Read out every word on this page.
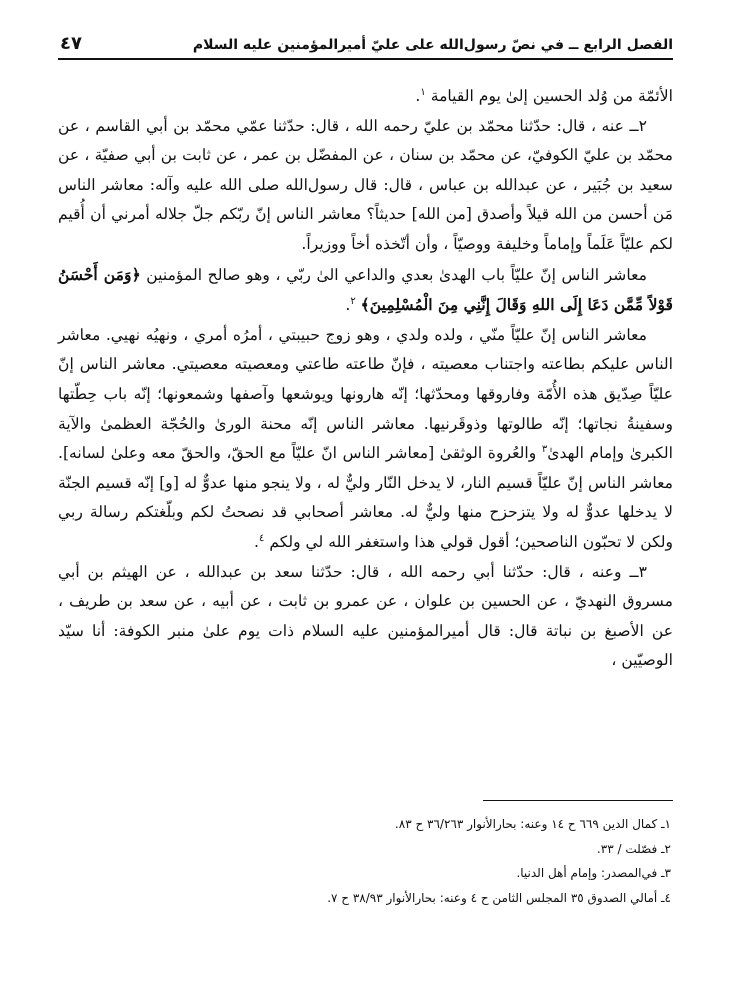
الفصل الرابع ــ في نصّ رسول‌الله على عليّ أميرالمؤمنين عليه السلام
٤٧

الأئمّة من وُلد الحسين إلىٰ يوم القيامة $^١$.

٢ــ عنه ، قال: حدّثنا محمّد بن عليّ رحمه الله ، قال: حدّثنا عمّي محمّد بن أبي القاسم ، عن محمّد بن عليّ الكوفيّ، عن محمّد بن سنان ، عن المفضّل بن عمر ، عن ثابت بن أبي صفيّة ، عن سعيد بن جُبَير ، عن عبدالله بن عباس ، قال: قال رسول‌الله صلى الله عليه وآله: معاشر الناس مَن أحسن من الله قيلاً وأصدق [من الله] حديثاً؟ معاشر الناس إنّ ربّكم جلّ جلاله أمرني أن أُقيم لكم عليّاً عَلَماً وإماماً وخليفة ووصيّاً ، وأن أتّخذه أخاً ووزيراً.

معاشر الناس إنّ عليّاً باب الهدىٰ بعدي والداعي الىٰ ربّي ، وهو صالح المؤمنين ﴿وَمَن أَحْسَنُ قَوْلاً مِّمَّن دَعَا إِلَى اللهِ وَقَالَ إِنَّنِي مِنَ الْمُسْلِمِينَ﴾ $^٢$.

معاشر الناس إنّ عليّاً منّي ، ولده ولدي ، وهو زوج حبيبتي ، أمرُه أمري ، ونهيُه نهيي. معاشر الناس عليكم بطاعته واجتناب معصيته ، فإنّ طاعته طاعتي ومعصيته معصيتي. معاشر الناس إنّ عليّاً صِدّيق هذه الأُمّة وفاروقها ومحدّثها؛ إنّه هارونها ويوشعها وآصفها وشمعونها؛ إنّه باب حِطّتها وسفينةُ نجاتها؛ إنّه طالوتها وذوقَرنيها. معاشر الناس إنّه محنة الورىٰ والحُجّة العظمىٰ والآية الكبرىٰ وإمام الهدىٰ$^٣$ والعُروة الوثقىٰ [معاشر الناس انّ عليّاً مع الحقّ، والحقّ معه وعلىٰ لسانه]. معاشر الناس إنّ عليّاً قسيم النار، لا يدخل النّار وليٌّ له ، ولا ينجو منها عدوٌّ له [و] إنّه قسيم الجنّة لا يدخلها عدوٌّ له ولا يتزحزح منها وليٌّ له. معاشر أصحابي قد نصحتُ لكم وبلّغتكم رسالة ربي ولكن لا تحبّون الناصحين؛ أقول قولي هذا واستغفر الله لي ولكم $^٤$.

٣ــ وعنه ، قال: حدّثنا أبي رحمه الله ، قال: حدّثنا سعد بن عبدالله ، عن الهيثم بن أبي مسروق النهديّ ، عن الحسين بن علوان ، عن عمرو بن ثابت ، عن أبيه ، عن سعد بن طريف ، عن الأصبغ بن نباتة قال: قال أميرالمؤمنين عليه السلام ذات يوم علىٰ منبر الكوفة: أنا سيّد الوصيّين ،

١ـ كمال الدين ٦٦٩ ح ١٤ وعنه: بحارالأنوار ٣٦/٢٦٣ ح ٨٣.
٢ـ فصّلت / ٣٣.
٣ـ في‌المصدر: وإمام أهل الدنيا.
٤ـ أمالي الصدوق ٣٥ المجلس الثامن ح ٤ وعنه: بحارالأنوار ٣٨/٩٣ ح ٧.
